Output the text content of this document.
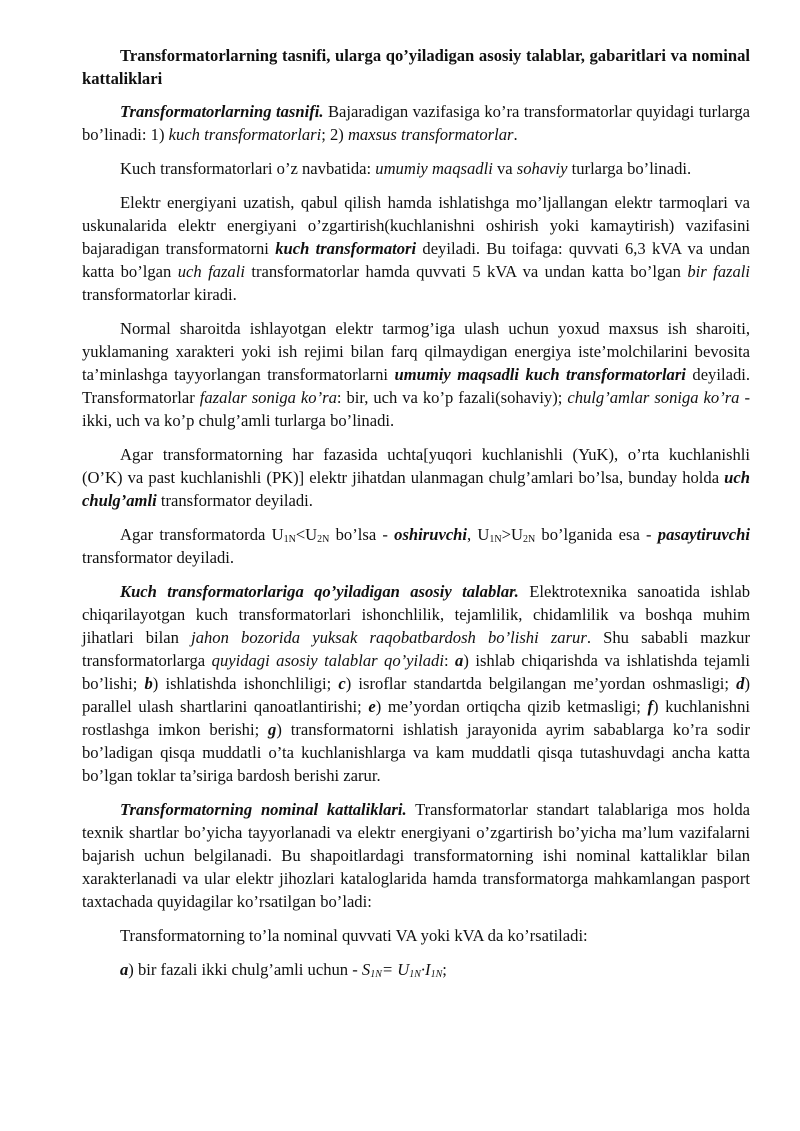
Transformatorlarning tasnifi, ularga qo’yiladigan asosiy talablar, gabaritlari va nominal kattaliklari

Transformatorlarning tasnifi. Bajaradigan vazifasiga ko’ra transformatorlar quyidagi turlarga bo’linadi: 1) kuch transformatorlari; 2) maxsus transformatorlar.

Kuch transformatorlari o’z navbatida: umumiy maqsadli va sohaviy turlarga bo’linadi.

Elektr energiyani uzatish, qabul qilish hamda ishlatishga mo’ljallangan elektr tarmoqlari va uskunalarida elektr energiyani o’zgartirish(kuchlanishni oshirish yoki kamaytirish) vazifasini bajaradigan transformatorni kuch transformatori deyiladi. Bu toifaga: quvvati 6,3 kVA va undan katta bo’lgan uch fazali transformatorlar hamda quvvati 5 kVA va undan katta bo’lgan bir fazali transformatorlar kiradi.

Normal sharoitda ishlayotgan elektr tarmog’iga ulash uchun yoxud maxsus ish sharoiti, yuklamaning xarakteri yoki ish rejimi bilan farq qilmaydigan energiya iste’molchilarini bevosita ta’minlashga tayyorlangan transformatorlarni umumiy maqsadli kuch transformatorlari deyiladi. Transformatorlar fazalar soniga ko’ra: bir, uch va ko’p fazali(sohaviy); chulg’amlar soniga ko’ra - ikki, uch va ko’p chulg’amli turlarga bo’linadi.

Agar transformatorning har fazasida uchta[yuqori kuchlanishli (YuK), o’rta kuchlanishli (O’K) va past kuchlanishli (PK)] elektr jihatdan ulanmagan chulg’amlari bo’lsa, bunday holda uch chulg’amli transformator deyiladi.

Agar transformatorda $U_{1N}<U_{2N}$ bo’lsa - oshiruvchi, $U_{1N}>U_{2N}$ bo’lganida esa - pasaytiruvchi transformator deyiladi.

Kuch transformatorlariga qo’yiladigan asosiy talablar. Elektrotexnika sanoatida ishlab chiqarilayotgan kuch transformatorlari ishonchlilik, tejamlilik, chidamlilik va boshqa muhim jihatlari bilan jahon bozorida yuksak raqobatbardosh bo’lishi zarur. Shu sababli mazkur transformatorlarga quyidagi asosiy talablar qo’yiladi: a) ishlab chiqarishda va ishlatishda tejamli bo’lishi; b) ishlatishda ishonchliligi; c) isroflar standartda belgilangan me’yordan oshmasligi; d) parallel ulash shartlarini qanoatlantirishi; e) me’yordan ortiqcha qizib ketmasligi; f) kuchlanishni rostlashga imkon berishi; g) transformatorni ishlatish jarayonida ayrim sabablarga ko’ra sodir bo’ladigan qisqa muddatli o’ta kuchlanishlarga va kam muddatli qisqa tutashuvdagi ancha katta bo’lgan toklar ta’siriga bardosh berishi zarur.

Transformatorning nominal kattaliklari. Transformatorlar standart talablariga mos holda texnik shartlar bo’yicha tayyorlanadi va elektr energiyani o’zgartirish bo’yicha ma’lum vazifalarni bajarish uchun belgilanadi. Bu shароitlardagi transformatorning ishi nominal kattaliklar bilan xarakterlanadi va ular elektr jihozlari kataloglarida hamda transformatorga mahkamlangan pasport taxtachada quyidagilar ko’rsatilgan bo’ladi:

Transformatorning to’la nominal quvvati VA yoki kVA da ko’rsatiladi:

a) bir fazali ikki chulg’amli uchun - $S_{1N}= U_{1N}\cdot I_{1N}$;
